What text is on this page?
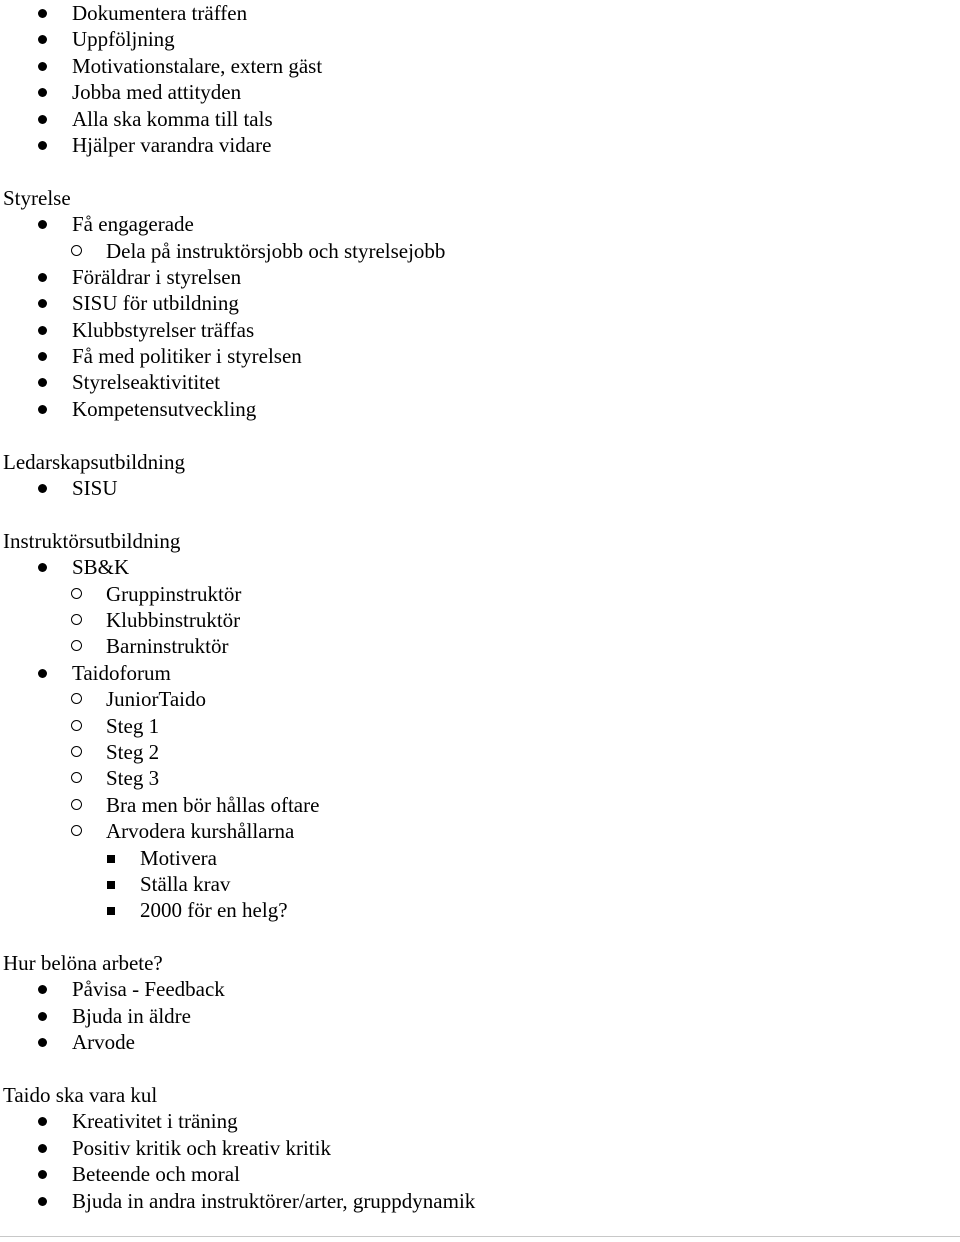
Dokumentera träffen
Uppföljning
Motivationstalare, extern gäst
Jobba med attityden
Alla ska komma till tals
Hjälper varandra vidare
Styrelse
Få engagerade
Dela på instruktörsjobb och styrelsejobb
Föräldrar i styrelsen
SISU för utbildning
Klubbstyrelser träffas
Få med politiker i styrelsen
Styrelseaktivititet
Kompetensutveckling
Ledarskapsutbildning
SISU
Instruktörsutbildning
SB&K
Gruppinstruktör
Klubbinstruktör
Barninstruktör
Taidoforum
JuniorTaido
Steg 1
Steg 2
Steg 3
Bra men bör hållas oftare
Arvodera kurshållarna
Motivera
Ställa krav
2000 för en helg?
Hur belöna arbete?
Påvisa - Feedback
Bjuda in äldre
Arvode
Taido ska vara kul
Kreativitet i träning
Positiv kritik och kreativ kritik
Beteende och moral
Bjuda in andra instruktörer/arter, gruppdynamik
